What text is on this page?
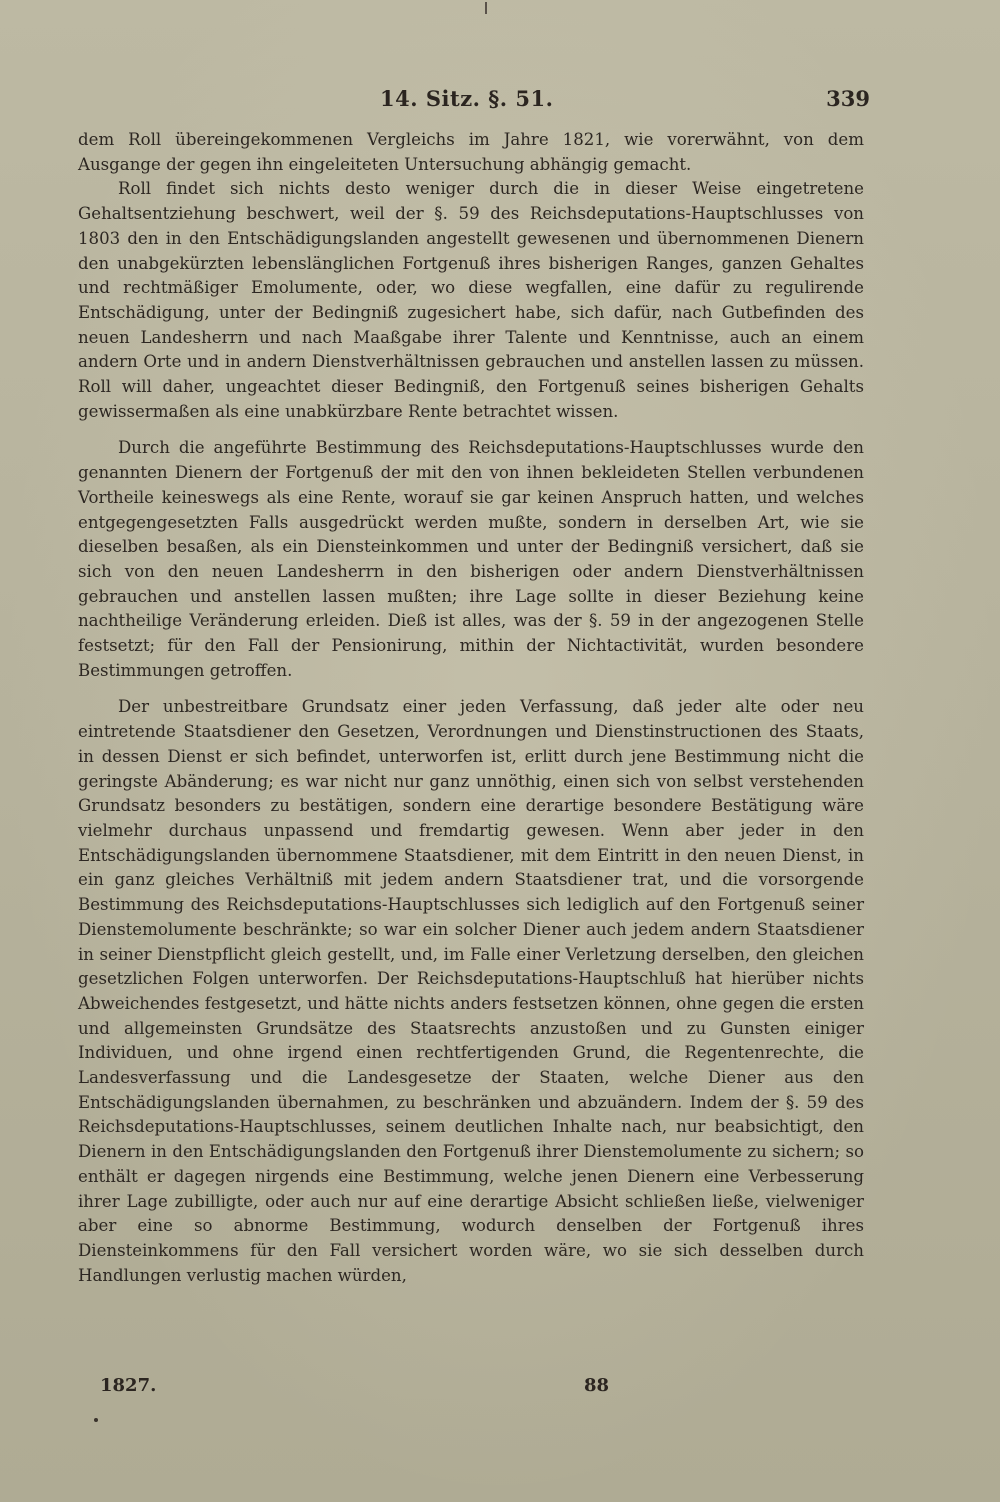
14. Sitz. §. 51.	339

dem Roll übereingekommenen Vergleichs im Jahre 1821, wie vorerwähnt, von dem Ausgange der gegen ihn eingeleiteten Untersuchung abhängig gemacht.

Roll findet sich nichts desto weniger durch die in dieser Weise eingetretene Gehaltsentziehung beschwert, weil der §. 59 des Reichsdeputations-Hauptschlusses von 1803 den in den Entschädigungslanden angestellt gewesenen und übernommenen Dienern den unabgekürzten lebenslänglichen Fortgenuß ihres bisherigen Ranges, ganzen Gehaltes und rechtmäßiger Emolumente, oder, wo diese wegfallen, eine dafür zu regulirende Entschädigung, unter der Bedingniß zugesichert habe, sich dafür, nach Gutbefinden des neuen Landesherrn und nach Maaßgabe ihrer Talente und Kenntnisse, auch an einem andern Orte und in andern Dienstverhältnissen gebrauchen und anstellen lassen zu müssen. Roll will daher, ungeachtet dieser Bedingniß, den Fortgenuß seines bisherigen Gehalts gewissermaßen als eine unabkürzbare Rente betrachtet wissen.

Durch die angeführte Bestimmung des Reichsdeputations-Hauptschlusses wurde den genannten Dienern der Fortgenuß der mit den von ihnen bekleideten Stellen verbundenen Vortheile keineswegs als eine Rente, worauf sie gar keinen Anspruch hatten, und welches entgegengesetzten Falls ausgedrückt werden mußte, sondern in derselben Art, wie sie dieselben besaßen, als ein Diensteinkommen und unter der Bedingniß versichert, daß sie sich von den neuen Landesherrn in den bisherigen oder andern Dienstverhältnissen gebrauchen und anstellen lassen mußten; ihre Lage sollte in dieser Beziehung keine nachtheilige Veränderung erleiden. Dieß ist alles, was der §. 59 in der angezogenen Stelle festsetzt; für den Fall der Pensionirung, mithin der Nichtactivität, wurden besondere Bestimmungen getroffen.

Der unbestreitbare Grundsatz einer jeden Verfassung, daß jeder alte oder neu eintretende Staatsdiener den Gesetzen, Verordnungen und Dienstinstructionen des Staats, in dessen Dienst er sich befindet, unterworfen ist, erlitt durch jene Bestimmung nicht die geringste Abänderung; es war nicht nur ganz unnöthig, einen sich von selbst verstehenden Grundsatz besonders zu bestätigen, sondern eine derartige besondere Bestätigung wäre vielmehr durchaus unpassend und fremdartig gewesen. Wenn aber jeder in den Entschädigungslanden übernommene Staatsdiener, mit dem Eintritt in den neuen Dienst, in ein ganz gleiches Verhältniß mit jedem andern Staatsdiener trat, und die vorsorgende Bestimmung des Reichsdeputations-Hauptschlusses sich lediglich auf den Fortgenuß seiner Dienstemolumente beschränkte; so war ein solcher Diener auch jedem andern Staatsdiener in seiner Dienstpflicht gleich gestellt, und, im Falle einer Verletzung derselben, den gleichen gesetzlichen Folgen unterworfen. Der Reichsdeputations-Hauptschluß hat hierüber nichts Abweichendes festgesetzt, und hätte nichts anders festsetzen können, ohne gegen die ersten und allgemeinsten Grundsätze des Staatsrechts anzustoßen und zu Gunsten einiger Individuen, und ohne irgend einen rechtfertigenden Grund, die Regentenrechte, die Landesverfassung und die Landesgesetze der Staaten, welche Diener aus den Entschädigungslanden übernahmen, zu beschränken und abzuändern. Indem der §. 59 des Reichsdeputations-Hauptschlusses, seinem deutlichen Inhalte nach, nur beabsichtigt, den Dienern in den Entschädigungslanden den Fortgenuß ihrer Dienstemolumente zu sichern; so enthält er dagegen nirgends eine Bestimmung, welche jenen Dienern eine Verbesserung ihrer Lage zubilligte, oder auch nur auf eine derartige Absicht schließen ließe, vielweniger aber eine so abnorme Bestimmung, wodurch denselben der Fortgenuß ihres Diensteinkommens für den Fall versichert worden wäre, wo sie sich desselben durch Handlungen verlustig machen würden,

1827.	88
